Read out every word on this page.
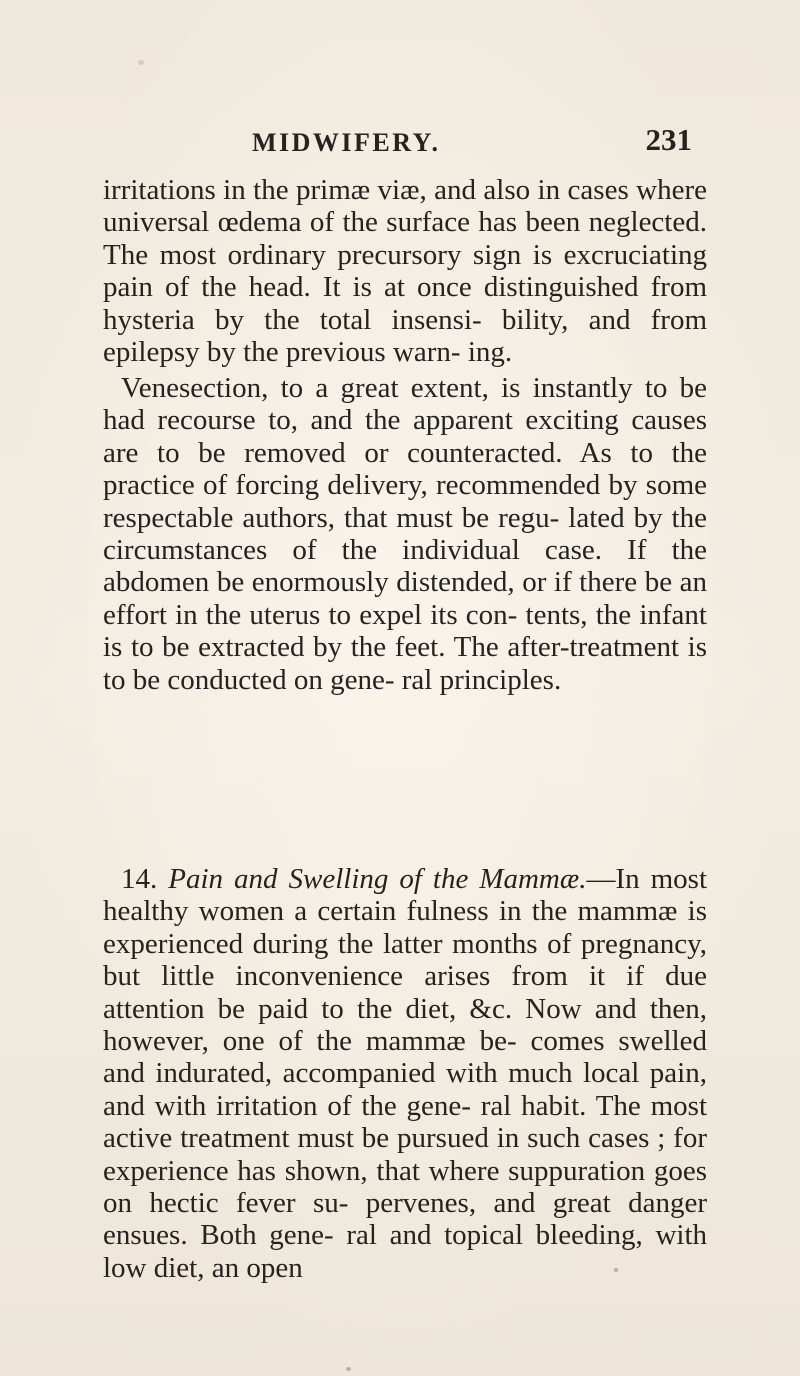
MIDWIFERY.	231

irritations in the primæ viæ, and also in cases where universal œdema of the surface has been neglected. The most ordinary precursory sign is excruciating pain of the head. It is at once distinguished from hysteria by the total insensi- bility, and from epilepsy by the previous warn- ing.

Venesection, to a great extent, is instantly to be had recourse to, and the apparent exciting causes are to be removed or counteracted. As to the practice of forcing delivery, recommended by some respectable authors, that must be regu- lated by the circumstances of the individual case. If the abdomen be enormously distended, or if there be an effort in the uterus to expel its con- tents, the infant is to be extracted by the feet. The after-treatment is to be conducted on gene- ral principles.

14. Pain and Swelling of the Mammæ.—In most healthy women a certain fulness in the mammæ is experienced during the latter months of pregnancy, but little inconvenience arises from it if due attention be paid to the diet, &c. Now and then, however, one of the mammæ be- comes swelled and indurated, accompanied with much local pain, and with irritation of the gene- ral habit. The most active treatment must be pursued in such cases ; for experience has shown, that where suppuration goes on hectic fever su- pervenes, and great danger ensues. Both gene- ral and topical bleeding, with low diet, an open
